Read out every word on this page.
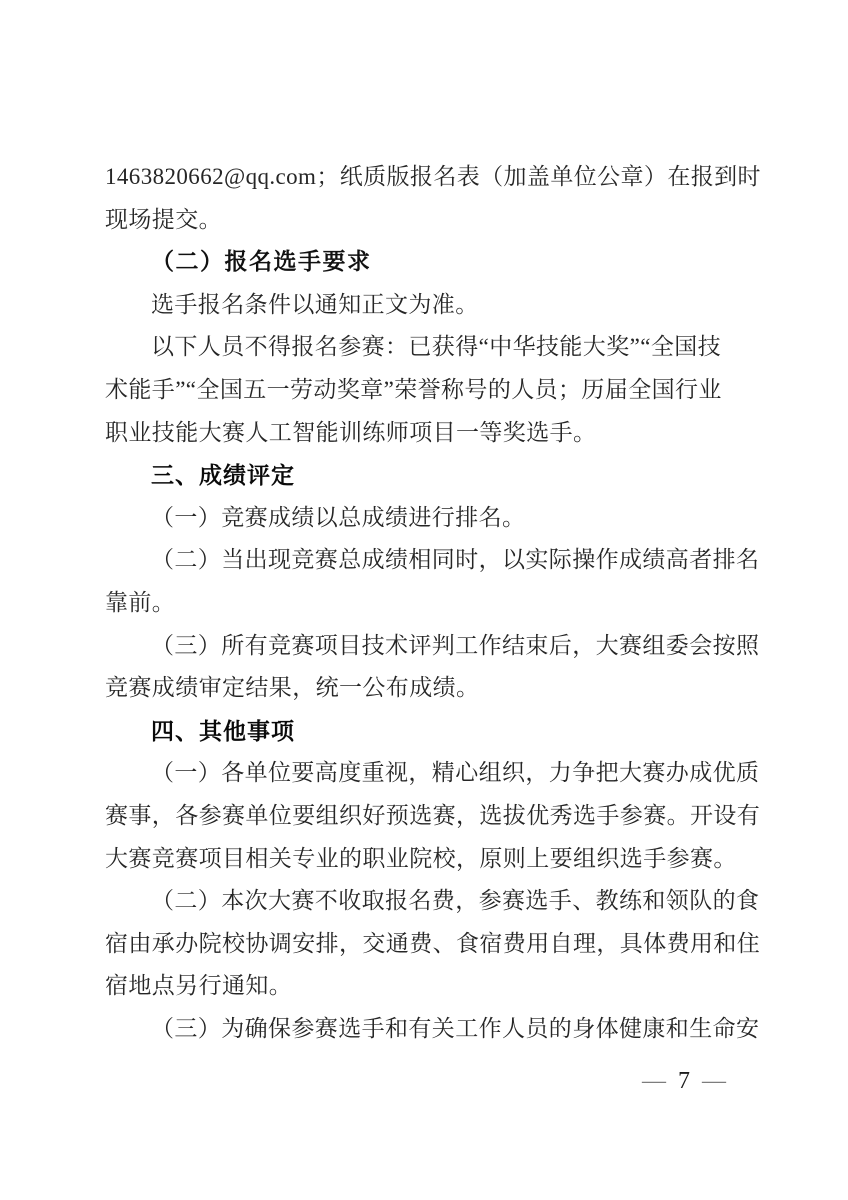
1463820662@qq.com；纸质版报名表（加盖单位公章）在报到时
现场提交。
（二）报名选手要求
选手报名条件以通知正文为准。
以下人员不得报名参赛：已获得“中华技能大奖”“全国技
术能手”“全国五一劳动奖章”荣誉称号的人员；历届全国行业
职业技能大赛人工智能训练师项目一等奖选手。
三、成绩评定
（一）竞赛成绩以总成绩进行排名。
（二）当出现竞赛总成绩相同时，以实际操作成绩高者排名
靠前。
（三）所有竞赛项目技术评判工作结束后，大赛组委会按照
竞赛成绩审定结果，统一公布成绩。
四、其他事项
（一）各单位要高度重视，精心组织，力争把大赛办成优质
赛事，各参赛单位要组织好预选赛，选拔优秀选手参赛。开设有
大赛竞赛项目相关专业的职业院校，原则上要组织选手参赛。
（二）本次大赛不收取报名费，参赛选手、教练和领队的食
宿由承办院校协调安排，交通费、食宿费用自理，具体费用和住
宿地点另行通知。
（三）为确保参赛选手和有关工作人员的身体健康和生命安
— 7 —
